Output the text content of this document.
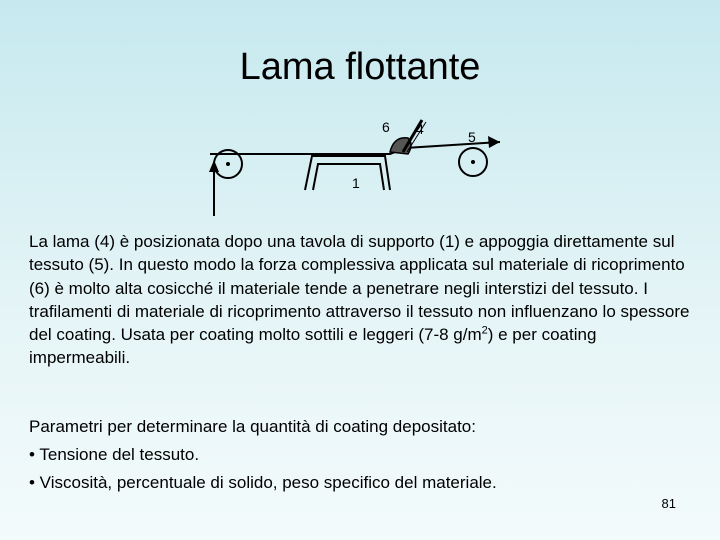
Lama flottante
6 4	5
1

La lama (4) è posizionata dopo una tavola di supporto (1) e appoggia direttamente sul tessuto (5). In questo modo la forza complessiva applicata sul materiale di ricoprimento (6) è molto alta cosicché il materiale tende a penetrare negli interstizi del tessuto. I trafilamenti di materiale di ricoprimento attraverso il tessuto non influenzano lo spessore del coating. Usata per coating molto sottili e leggeri (7-8 $g/m^2$) e per coating impermeabili.

Parametri per determinare la quantità di coating depositato:

• Tensione del tessuto.

• Viscosità, percentuale di solido, peso specifico del materiale.

81
